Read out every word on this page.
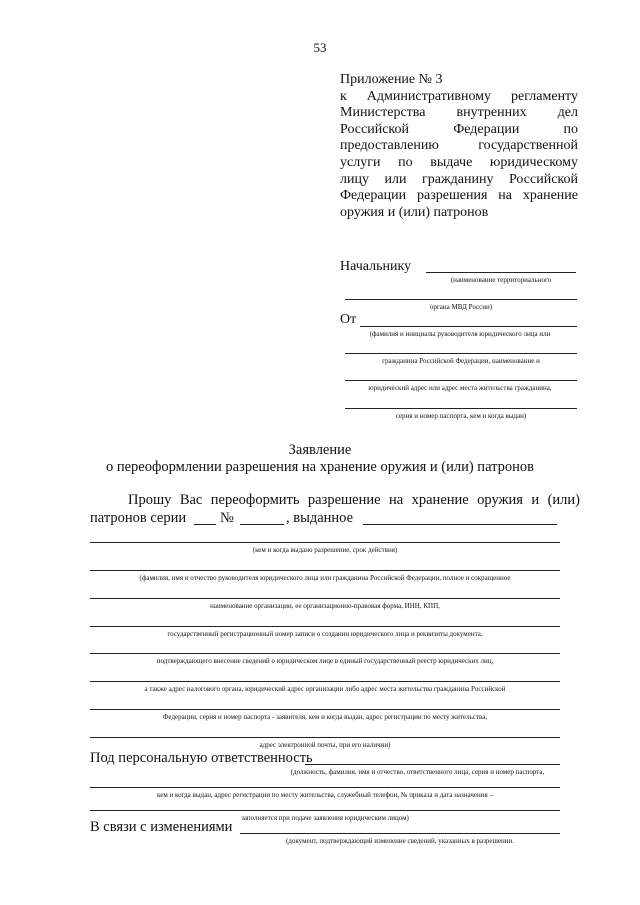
53
Приложение № 3
к Административному регламенту
Министерства внутренних дел
Российской Федерации по
предоставлению государственной
услуги по выдаче юридическому
лицу или гражданину Российской
Федерации разрешения на хранение
оружия и (или) патронов
Начальнику
(наименование территориального
органа МВД России)
От
(фамилия и инициалы руководителя юридического лица или
гражданина Российской Федерации, наименование и
юридический адрес или адрес места жительства гражданина,
серия и номер паспорта, кем и когда выдан)
Заявление
о переоформлении разрешения на хранение оружия и (или) патронов
Прошу Вас переоформить разрешение на хранение оружия и (или)
патронов серии №	, выданное
(кем и когда выдано разрешение, срок действия)
(фамилия, имя и отчество руководителя юридического лица или гражданина Российской Федерации, полное и сокращенное
наименование организации, ее организационно-правовая форма, ИНН, КПП,
государственный регистрационный номер записи о создании юридического лица и реквизиты документа,
подтверждающего внесение сведений о юридическом лице в единый государственный реестр юридических лиц,
а также адрес налогового органа, юридический адрес организации либо адрес места жительства гражданина Российской
Федерации, серия и номер паспорта - заявителя, кем и когда выдан, адрес регистрации по месту жительства,
адрес электронной почты, при его наличии)
Под персональную ответственность
(должность, фамилия, имя и отчество, ответственного лица, серия и номер паспорта,
кем и когда выдан, адрес регистрации по месту жительства, служебный телефон, № приказа и дата назначения –
заполняется при подаче заявления юридическим лицом)
В связи с изменениями
(документ, подтверждающий изменение сведений, указанных в разрешении.
